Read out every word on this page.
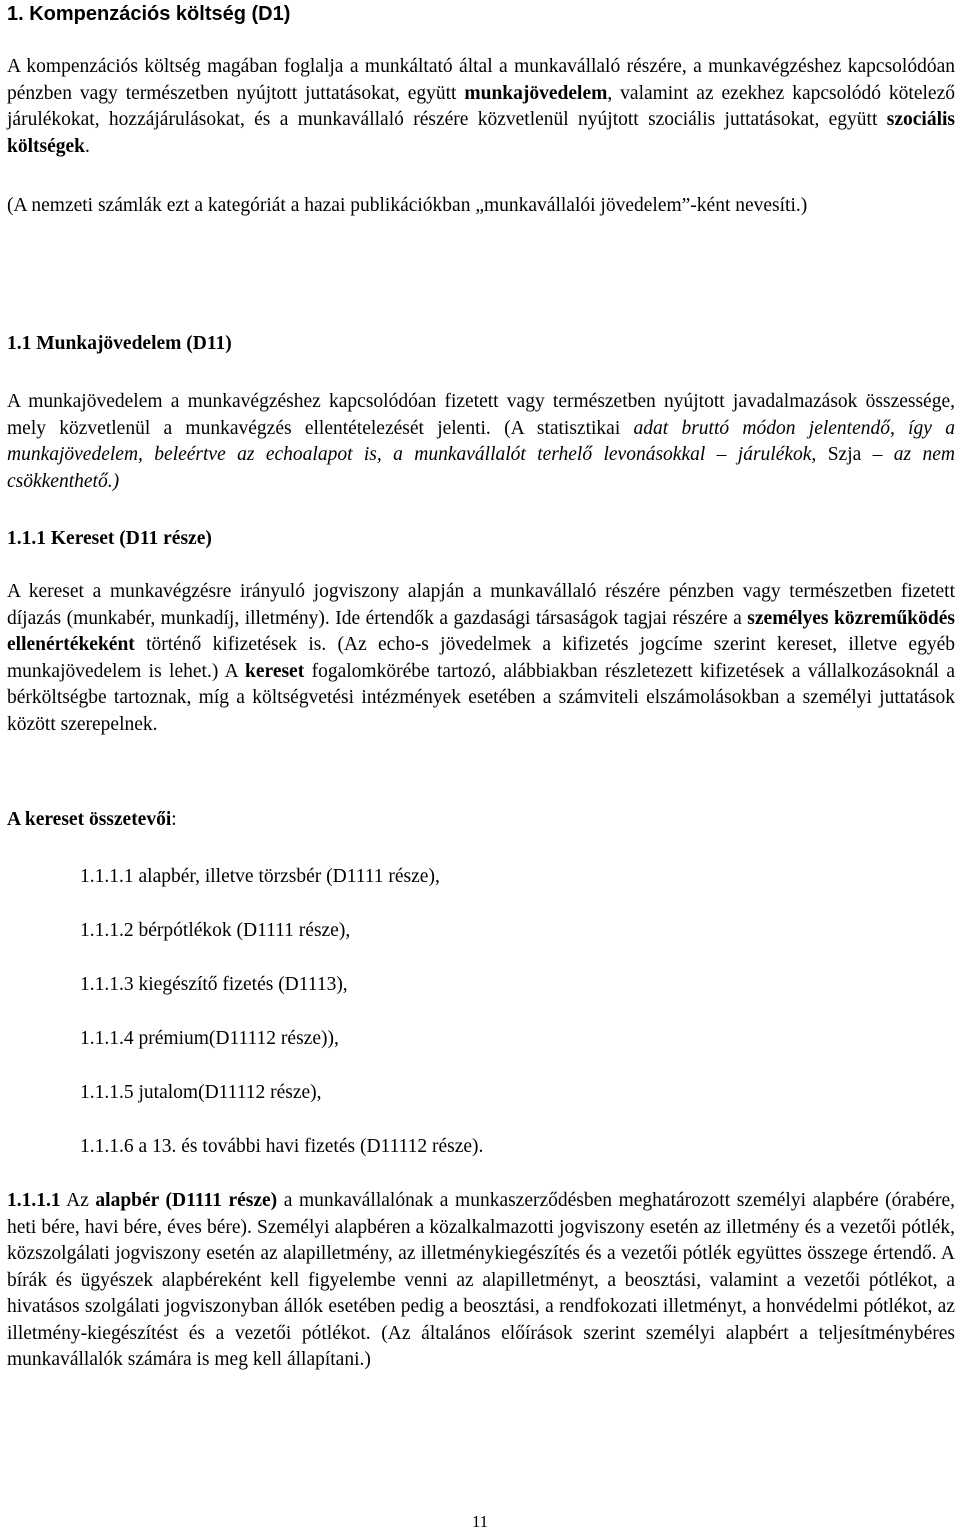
1. Kompenzációs költség (D1)

A kompenzációs költség magában foglalja a munkáltató által a munkavállaló részére, a munkavégzéshez kapcsolódóan pénzben vagy természetben nyújtott juttatásokat, együtt munkajövedelem, valamint az ezekhez kapcsolódó kötelező járulékokat, hozzájárulásokat, és a munkavállaló részére közvetlenül nyújtott szociális juttatásokat, együtt szociális költségek.

(A nemzeti számlák ezt a kategóriát a hazai publikációkban „munkavállalói jövedelem”-ként nevesíti.)

1.1 Munkajövedelem (D11)

A munkajövedelem a munkavégzéshez kapcsolódóan fizetett vagy természetben nyújtott javadalmazások összessége, mely közvetlenül a munkavégzés ellentételezését jelenti. (A statisztikai adat bruttó módon jelentendő, így a munkajövedelem, beleértve az echoalapot is, a munkavállalót terhelő levonásokkal – járulékok, Szja – az nem csökkenthető.)

1.1.1 Kereset (D11 része)

A kereset a munkavégzésre irányuló jogviszony alapján a munkavállaló részére pénzben vagy természetben fizetett díjazás (munkabér, munkadíj, illetmény). Ide értendők a gazdasági társaságok tagjai részére a személyes közreműködés ellenértékeként történő kifizetések is. (Az echo-s jövedelmek a kifizetés jogcíme szerint kereset, illetve egyéb munkajövedelem is lehet.) A kereset fogalomkörébe tartozó, alábbiakban részletezett kifizetések a vállalkozásoknál a bérköltségbe tartoznak, míg a költségvetési intézmények esetében a számviteli elszámolásokban a személyi juttatások között szerepelnek.

A kereset összetevői:

1.1.1.1 alapbér, illetve törzsbér (D1111 része),
1.1.1.2 bérpótlékok (D1111 része),
1.1.1.3 kiegészítő fizetés (D1113),
1.1.1.4 prémium(D11112 része)),
1.1.1.5 jutalom(D11112 része),
1.1.1.6 a 13. és további havi fizetés (D11112 része).

1.1.1.1 Az alapbér (D1111 része) a munkavállalónak a munkaszerződésben meghatározott személyi alapbére (órabére, heti bére, havi bére, éves bére). Személyi alapbéren a közalkalmazotti jogviszony esetén az illetmény és a vezetői pótlék, közszolgálati jogviszony esetén az alapilletmény, az illetménykiegészítés és a vezetői pótlék együttes összege értendő. A bírák és ügyészek alapbéreként kell figyelembe venni az alapilletményt, a beosztási, valamint a vezetői pótlékot, a hivatásos szolgálati jogviszonyban állók esetében pedig a beosztási, a rendfokozati illetményt, a honvédelmi pótlékot, az illetmény-kiegészítést és a vezetői pótlékot. (Az általános előírások szerint személyi alapbért a teljesítménybéres munkavállalók számára is meg kell állapítani.)

11
